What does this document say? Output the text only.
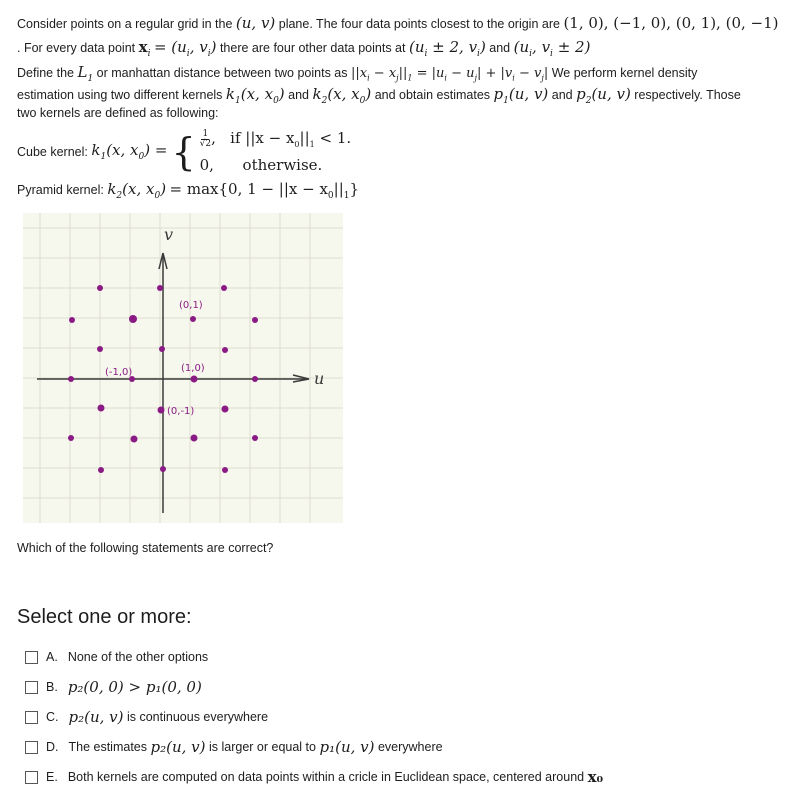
Consider points on a regular grid in the (u, v) plane. The four data points closest to the origin are (1, 0), (−1, 0), (0, 1), (0, −1)
. For every data point $x_i = (u_i$, $v_i$) there are four other data points at ($u_i \pm 2$, $v_i$) and ($u_i$, $v_i \pm 2$)
Define the $L_1$ or manhattan distance between two points as $||x_i - x_j||_1 = |u_i - u_j| + |v_i - v_j|$ We perform kernel density
estimation using two different kernels $k_1(x$, $x_0$) and $k_2(x$, $x_0$) and obtain estimates $p_1(u$, v) and $p_2(u$, v) respectively. Those
two kernels are defined as following:
Cube kernel:
$k_1(x$, $x_0$) = { $\frac{1}{√2}$ ,   if $||x - x_0||_1 < 1$.
0, otherwise.
Pyramid kernel: $k_2(x$, $x_0) = \max\{0$, $1 - ||x - x_0||_1$}
v
u
(0,1)
(-1,0)	(1,0)
(0,-1)
Which of the following statements are correct?
Select one or more:
A. None of the other options
B. p₂(0, 0) > p₁(0, 0)
C. p₂(u, v)
is continuous everywhere
D. The estimates
p₂(u, v)
is larger or equal to
p₁(u, v)
everywhere
E. Both kernels are computed on data points within a cricle in Euclidean space, centered around
x₀
